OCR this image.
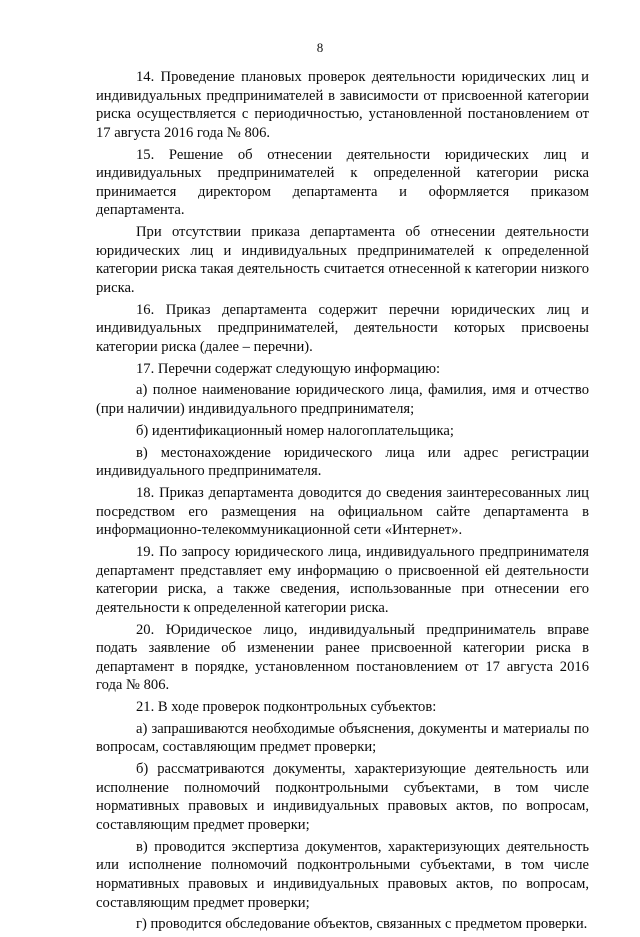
8

14. Проведение плановых проверок деятельности юридических лиц и индивидуальных предпринимателей в зависимости от присвоенной категории риска осуществляется с периодичностью, установленной постановлением от 17 августа 2016 года № 806.

15. Решение об отнесении деятельности юридических лиц и индивидуальных предпринимателей к определенной категории риска принимается директором департамента и оформляется приказом департамента.

При отсутствии приказа департамента об отнесении деятельности юридических лиц и индивидуальных предпринимателей к определенной категории риска такая деятельность считается отнесенной к категории низкого риска.

16. Приказ департамента содержит перечни юридических лиц и индивидуальных предпринимателей, деятельности которых присвоены категории риска (далее – перечни).

17. Перечни содержат следующую информацию:

а) полное наименование юридического лица, фамилия, имя и отчество (при наличии) индивидуального предпринимателя;

б) идентификационный номер налогоплательщика;

в) местонахождение юридического лица или адрес регистрации индивидуального предпринимателя.

18. Приказ департамента доводится до сведения заинтересованных лиц посредством его размещения на официальном сайте департамента в информационно-телекоммуникационной сети «Интернет».

19. По запросу юридического лица, индивидуального предпринимателя департамент представляет ему информацию о присвоенной ей деятельности категории риска, а также сведения, использованные при отнесении его деятельности к определенной категории риска.

20. Юридическое лицо, индивидуальный предприниматель вправе подать заявление об изменении ранее присвоенной категории риска в департамент в порядке, установленном постановлением от 17 августа 2016 года № 806.

21. В ходе проверок подконтрольных субъектов:

а) запрашиваются необходимые объяснения, документы и материалы по вопросам, составляющим предмет проверки;

б) рассматриваются документы, характеризующие деятельность или исполнение полномочий подконтрольными субъектами, в том числе нормативных правовых и индивидуальных правовых актов, по вопросам, составляющим предмет проверки;

в) проводится экспертиза документов, характеризующих деятельность или исполнение полномочий подконтрольными субъектами, в том числе нормативных правовых и индивидуальных правовых актов, по вопросам, составляющим предмет проверки;

г) проводится обследование объектов, связанных с предметом проверки.
